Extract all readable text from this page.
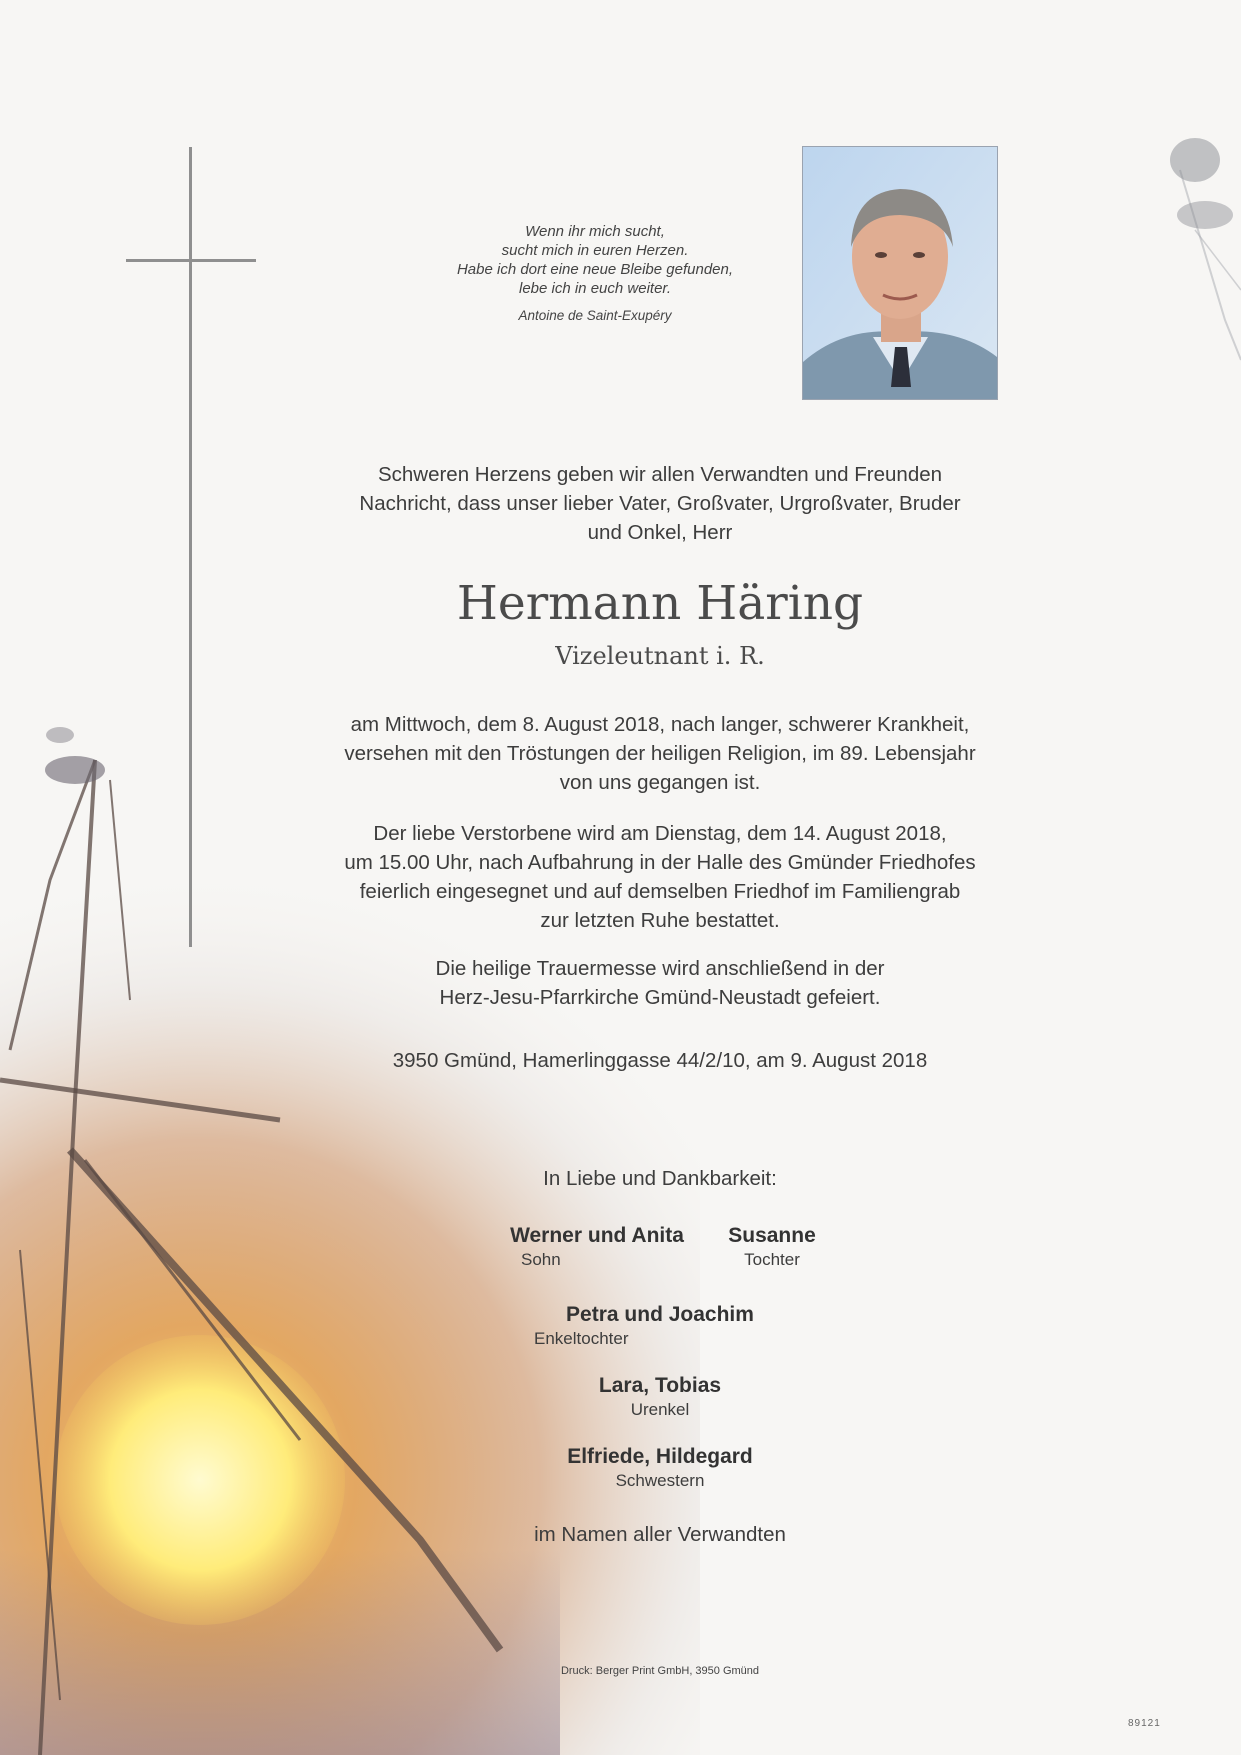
Wenn ihr mich sucht,
sucht mich in euren Herzen.
Habe ich dort eine neue Bleibe gefunden,
lebe ich in euch weiter.
Antoine de Saint-Exupéry
Schweren Herzens geben wir allen Verwandten und Freunden
Nachricht, dass unser lieber Vater, Großvater, Urgroßvater, Bruder
und Onkel, Herr
Hermann Häring
Vizeleutnant i. R.
am Mittwoch, dem 8. August 2018, nach langer, schwerer Krankheit,
versehen mit den Tröstungen der heiligen Religion, im 89. Lebensjahr
von uns gegangen ist.
Der liebe Verstorbene wird am Dienstag, dem 14. August 2018,
um 15.00 Uhr, nach Aufbahrung in der Halle des Gmünder Friedhofes
feierlich eingesegnet und auf demselben Friedhof im Familiengrab
zur letzten Ruhe bestattet.
Die heilige Trauermesse wird anschließend in der
Herz-Jesu-Pfarrkirche Gmünd-Neustadt gefeiert.
3950 Gmünd, Hamerlinggasse 44/2/10, am 9. August 2018
In Liebe und Dankbarkeit:
Werner und Anita
Sohn
Susanne
Tochter
Petra und Joachim
Enkeltochter
Lara, Tobias
Urenkel
Elfriede, Hildegard
Schwestern
im Namen aller Verwandten
Druck: Berger Print GmbH, 3950 Gmünd
89121
